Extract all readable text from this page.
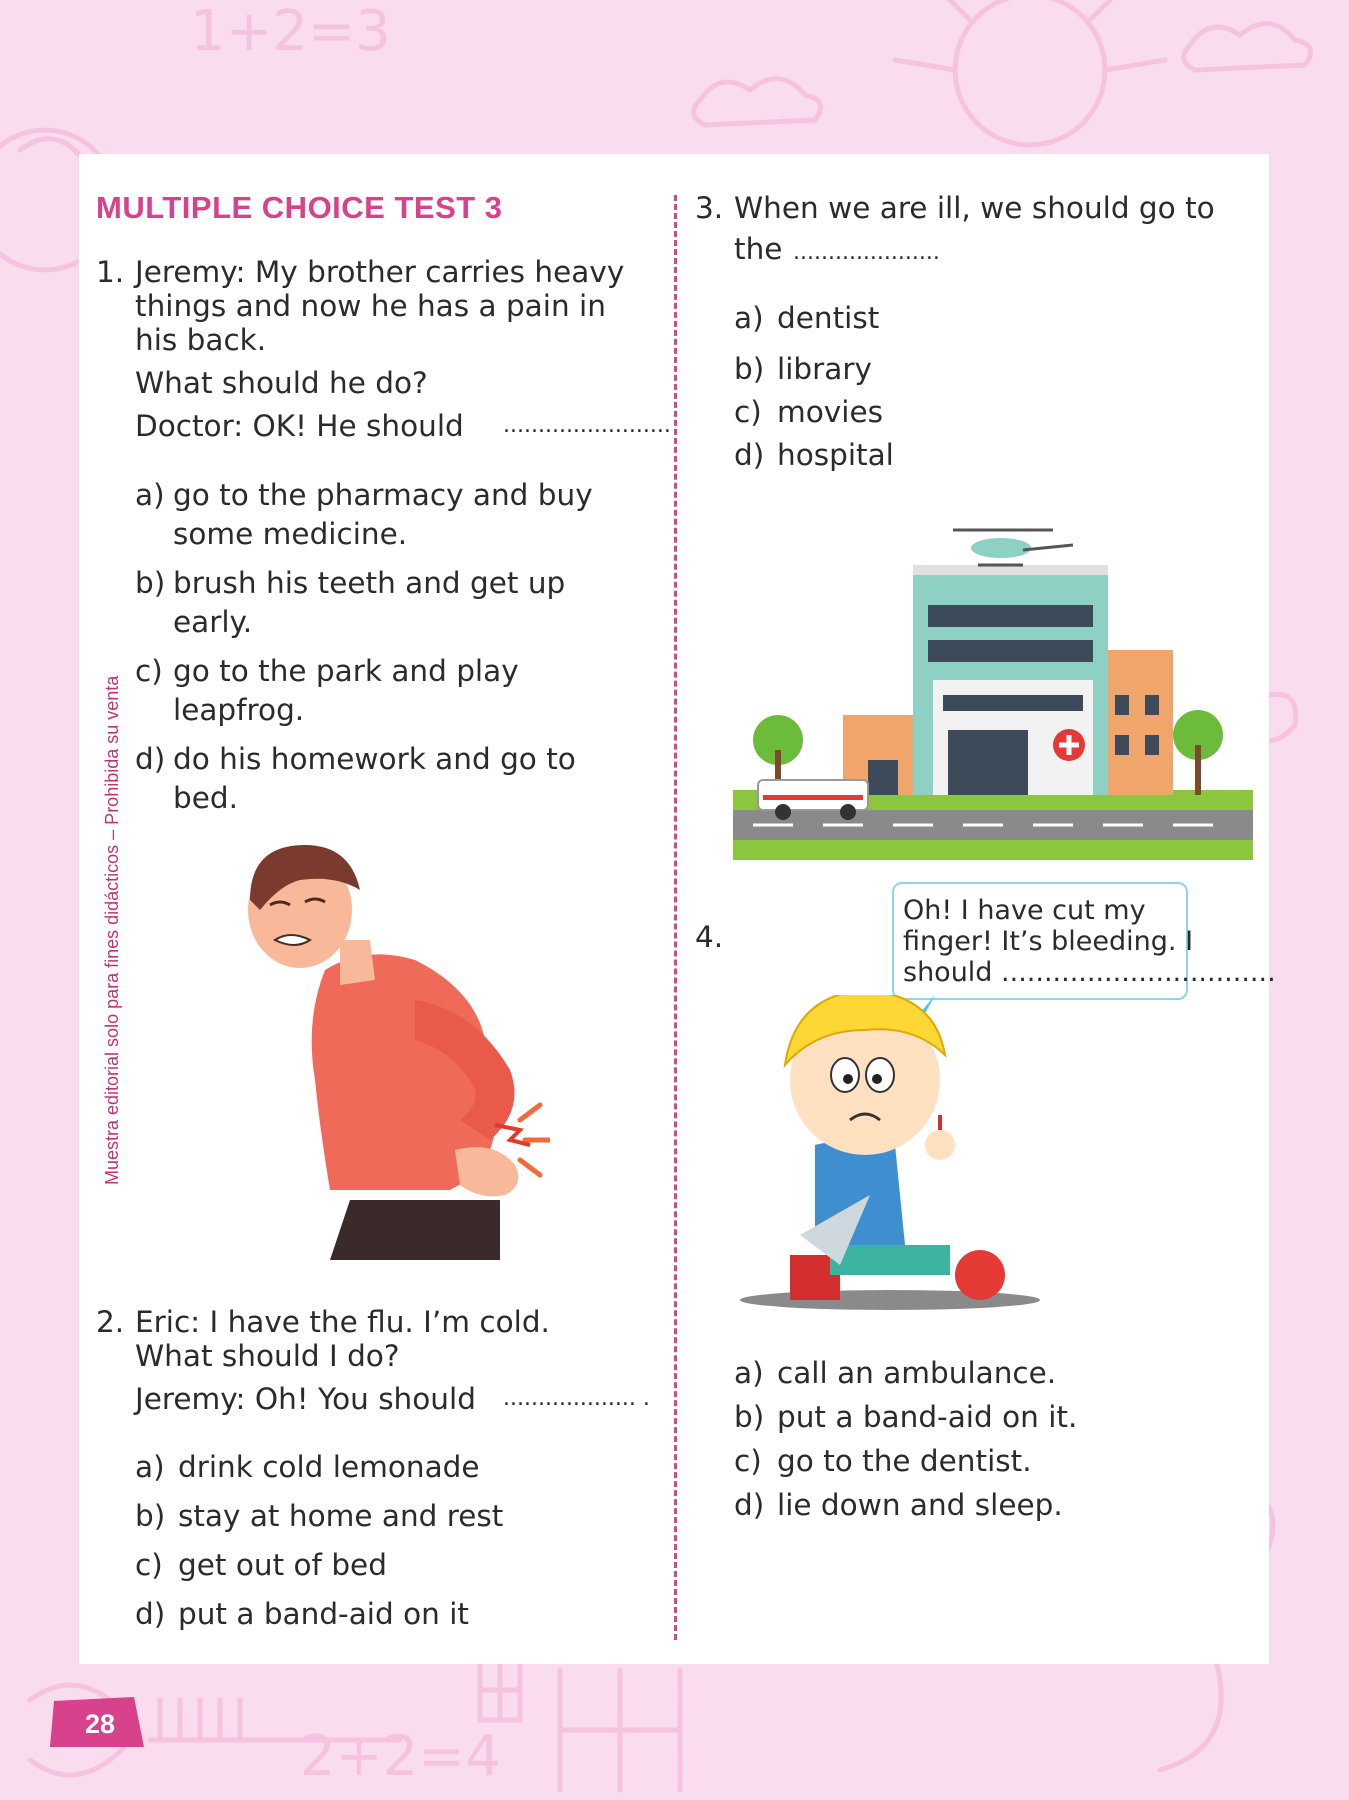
1+2=3
2+2=4
MULTIPLE CHOICE TEST 3
Muestra editorial solo para fines didácticos – Prohibida su venta
1. Jeremy: My brother carries heavy
things and now he has a pain in
his back.
What should he do?
Doctor: OK! He should ........................
a) go to the pharmacy and buy
some medicine.
b) brush his teeth and get up
early.
c) go to the park and play
leapfrog.
d) do his homework and go to
bed.
2. Eric: I have the flu. I’m cold.
What should I do?
Jeremy: Oh! You should ................... .
a) drink cold lemonade
b) stay at home and rest
c) get out of bed
d) put a band-aid on it
3. When we are ill, we should go to
the .....................
a) dentist
b) library
c) movies
d) hospital
4.
Oh! I have cut my
finger! It’s bleeding. I
should ................................
a) call an ambulance.
b) put a band-aid on it.
c) go to the dentist.
d) lie down and sleep.
28
